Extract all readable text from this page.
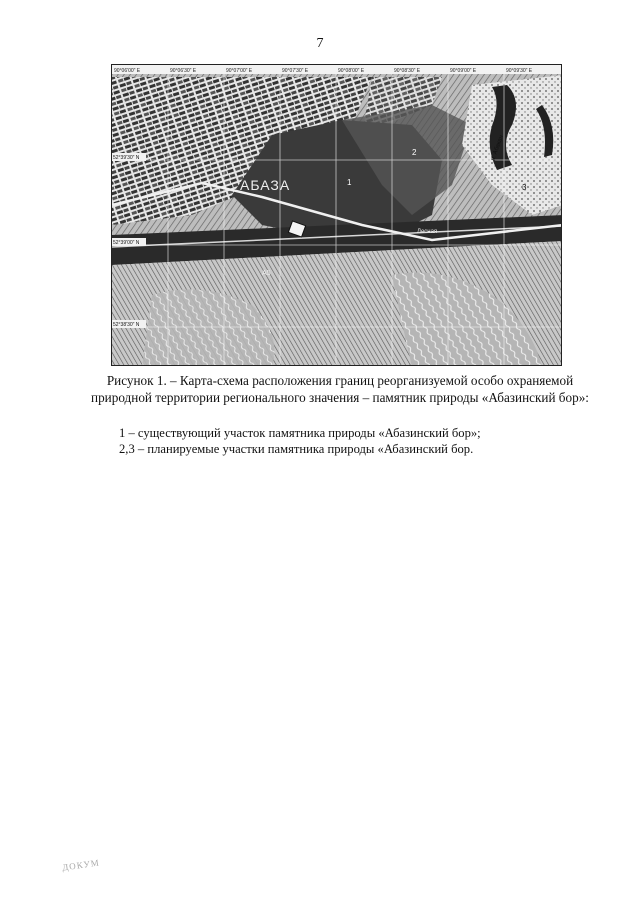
7
90°06'00" E	90°06'30" E	90°07'00" E	90°07'30" E	90°08'00" E	90°08'30" E	90°09'00" E	90°09'30" E
52°39'30" N
52°39'00" N
52°38'30" N
АБАЗА
Лесная
А5
р. Абакан
1
2
3
Рисунок 1. – Карта-схема расположения границ реорганизуемой особо охраняемой природной территории регионального значения – памятник природы «Абазинский бор»:
1 – существующий участок памятника природы «Абазинский бор»;
2,3 – планируемые участки памятника природы «Абазинский бор.
ДОКУМ
